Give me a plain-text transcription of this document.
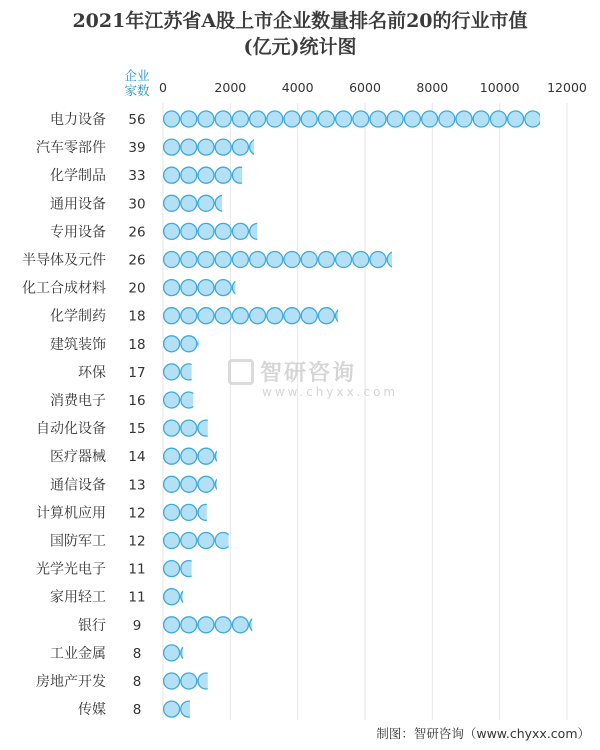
2021年江苏省A股上市企业数量排名前20的行业市值
(亿元)统计图
0	2000	4000	6000	8000	10000 12000
企业
家数
电力设备 56
汽车零部件 39
化学制品 33
通用设备 30
专用设备 26
半导体及元件 26
化工合成材料 20
化学制药 18
建筑装饰 18
环保 17
消费电子 16
自动化设备 15
医疗器械 14
通信设备 13
计算机应用 12
国防军工 12
光学光电子 11
家用轻工 11
银行 9
工业金属 8
房地产开发 8
传媒 8
智研咨询
www.chyxx.com
制图：智研咨询（www.chyxx.com）
